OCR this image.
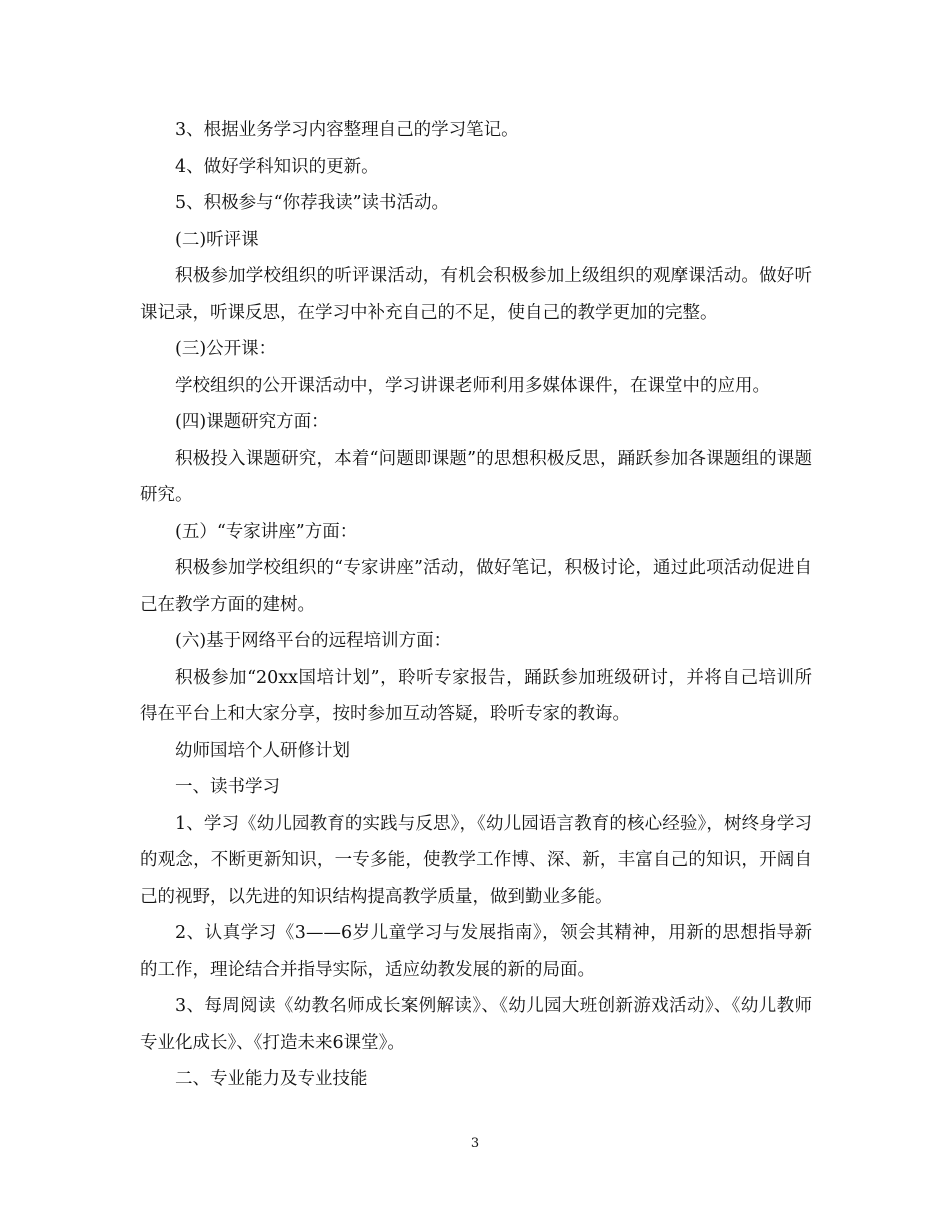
3、根据业务学习内容整理自己的学习笔记。

4、做好学科知识的更新。

5、积极参与“你荐我读”读书活动。

(二)听评课

积极参加学校组织的听评课活动，有机会积极参加上级组织的观摩课活动。做好听课记录，听课反思，在学习中补充自己的不足，使自己的教学更加的完整。

(三)公开课：

学校组织的公开课活动中，学习讲课老师利用多媒体课件，在课堂中的应用。

(四)课题研究方面：

积极投入课题研究，本着“问题即课题”的思想积极反思，踊跃参加各课题组的课题研究。

(五）“专家讲座”方面：

积极参加学校组织的“专家讲座”活动，做好笔记，积极讨论，通过此项活动促进自己在教学方面的建树。

(六)基于网络平台的远程培训方面：

积极参加“20xx国培计划”，聆听专家报告，踊跃参加班级研讨，并将自己培训所得在平台上和大家分享，按时参加互动答疑，聆听专家的教诲。

幼师国培个人研修计划

一、读书学习

1、学习《幼儿园教育的实践与反思》，《幼儿园语言教育的核心经验》，树终身学习的观念，不断更新知识，一专多能，使教学工作博、深、新，丰富自己的知识，开阔自己的视野，以先进的知识结构提高教学质量，做到勤业多能。

2、认真学习《3——6岁儿童学习与发展指南》，领会其精神，用新的思想指导新的工作，理论结合并指导实际，适应幼教发展的新的局面。

3、每周阅读《幼教名师成长案例解读》、《幼儿园大班创新游戏活动》、《幼儿教师专业化成长》、《打造未来6课堂》。

二、专业能力及专业技能

3
